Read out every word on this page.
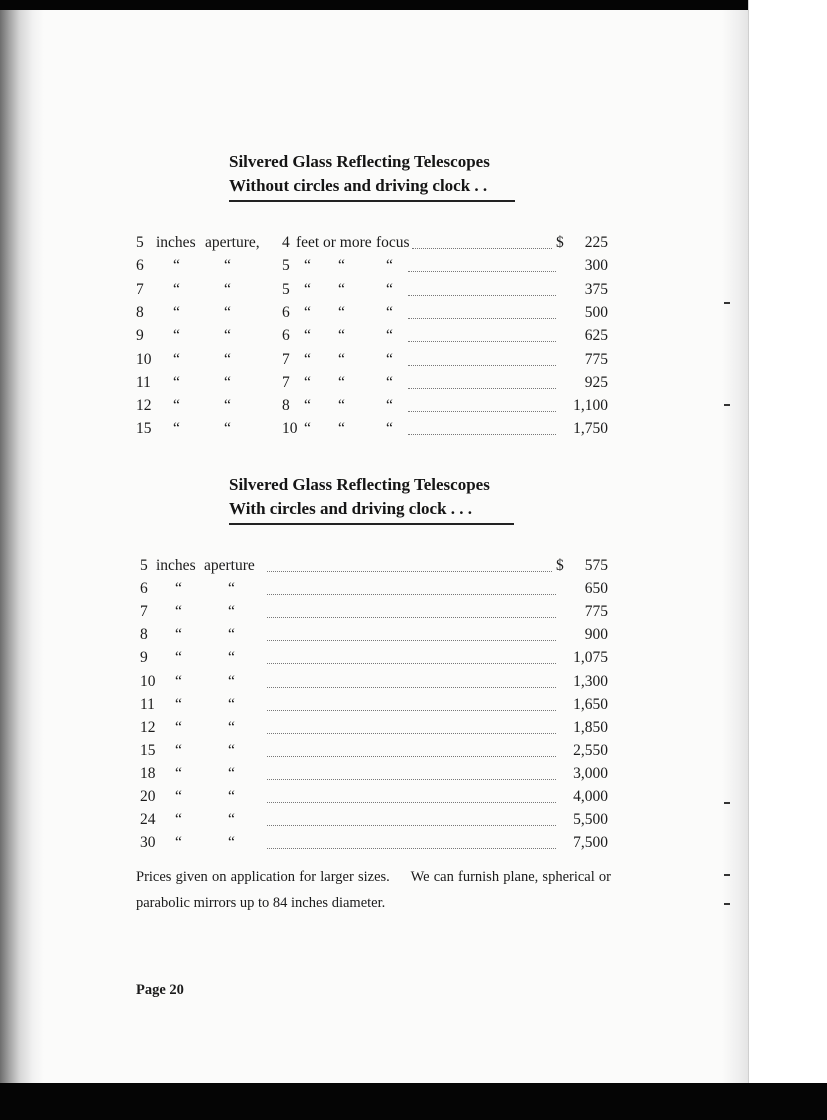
Silvered Glass Reflecting Telescopes
Without circles and driving clock . .
5 inches aperture, 4 feet or more focus	$ 225
6 “	“	5 “ “	“	300
7 “	“	5 “ “	“	375
8 “	“	6 “ “	“	500
9 “	“	6 “ “	“	625
10 “	“	7 “ “	“	775
11 “	“	7 “ “	“	925
12 “	“	8 “ “	“	1,100
15 “	“	10 “ “	“	1,750
Silvered Glass Reflecting Telescopes
With circles and driving clock . . .
5 inches aperture	$ 575
6 “	“	650
7 “	“	775
8 “	“	900
9 “	“	1,075
10 “	“	1,300
11 “	“	1,650
12 “	“	1,850
15 “	“	2,550
18 “	“	3,000
20 “	“	4,000
24 “	“	5,500
30 “	“	7,500
Prices given on application for larger sizes.     We can furnish plane, spherical or parabolic mirrors up to 84 inches diameter.
Page 20
